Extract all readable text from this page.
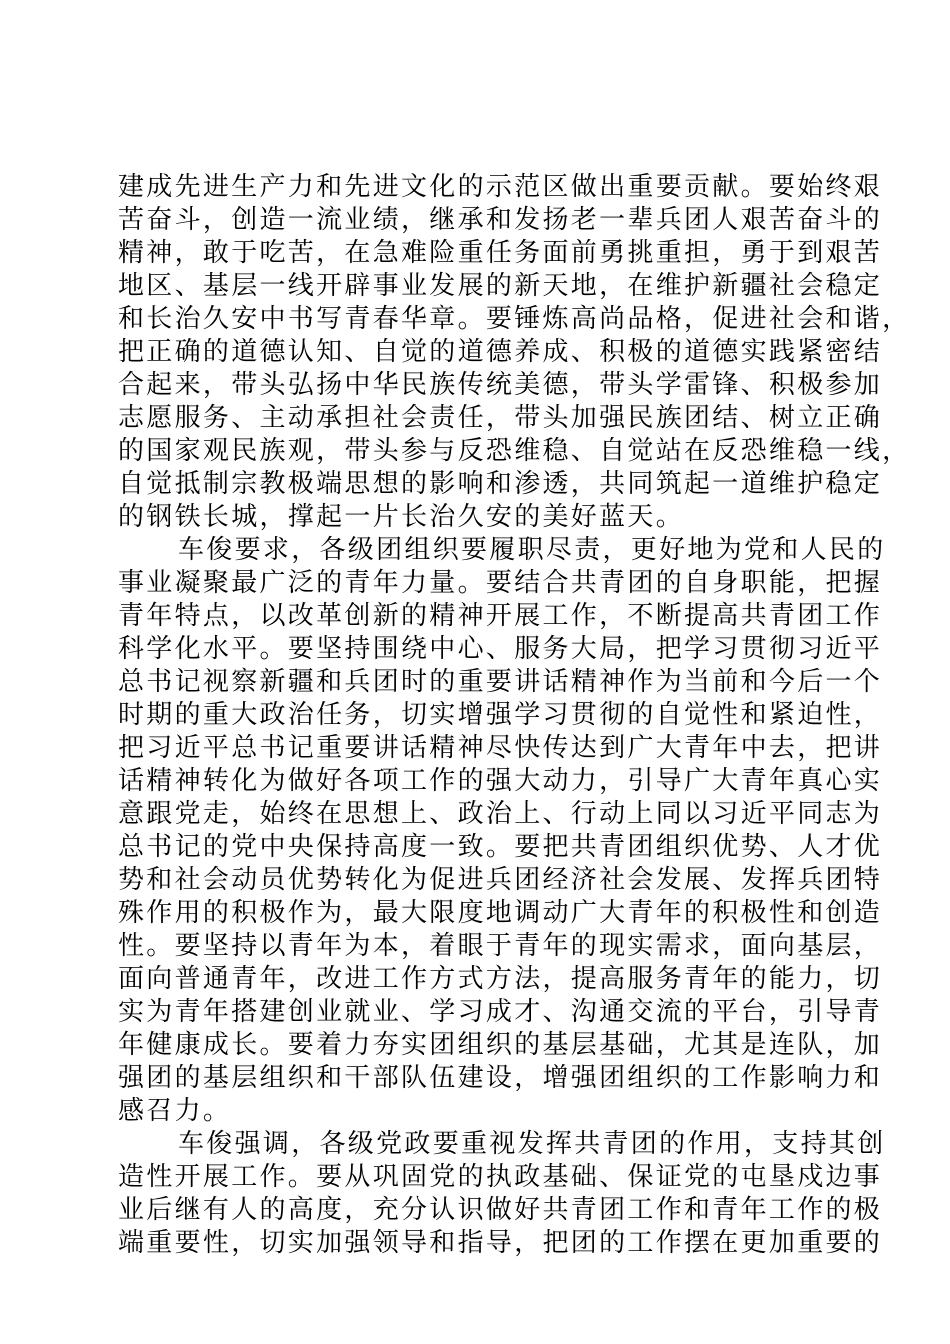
建成先进生产力和先进文化的示范区做出重要贡献。要始终艰
苦奋斗，创造一流业绩，继承和发扬老一辈兵团人艰苦奋斗的
精神，敢于吃苦，在急难险重任务面前勇挑重担，勇于到艰苦
地区、基层一线开辟事业发展的新天地，在维护新疆社会稳定
和长治久安中书写青春华章。要锤炼高尚品格，促进社会和谐，
把正确的道德认知、自觉的道德养成、积极的道德实践紧密结
合起来，带头弘扬中华民族传统美德，带头学雷锋、积极参加
志愿服务、主动承担社会责任，带头加强民族团结、树立正确
的国家观民族观，带头参与反恐维稳、自觉站在反恐维稳一线，
自觉抵制宗教极端思想的影响和渗透，共同筑起一道维护稳定
的钢铁长城，撑起一片长治久安的美好蓝天。
车俊要求，各级团组织要履职尽责，更好地为党和人民的
事业凝聚最广泛的青年力量。要结合共青团的自身职能，把握
青年特点，以改革创新的精神开展工作，不断提高共青团工作
科学化水平。要坚持围绕中心、服务大局，把学习贯彻习近平
总书记视察新疆和兵团时的重要讲话精神作为当前和今后一个
时期的重大政治任务，切实增强学习贯彻的自觉性和紧迫性，
把习近平总书记重要讲话精神尽快传达到广大青年中去，把讲
话精神转化为做好各项工作的强大动力，引导广大青年真心实
意跟党走，始终在思想上、政治上、行动上同以习近平同志为
总书记的党中央保持高度一致。要把共青团组织优势、人才优
势和社会动员优势转化为促进兵团经济社会发展、发挥兵团特
殊作用的积极作为，最大限度地调动广大青年的积极性和创造
性。要坚持以青年为本，着眼于青年的现实需求，面向基层，
面向普通青年，改进工作方式方法，提高服务青年的能力，切
实为青年搭建创业就业、学习成才、沟通交流的平台，引导青
年健康成长。要着力夯实团组织的基层基础，尤其是连队，加
强团的基层组织和干部队伍建设，增强团组织的工作影响力和
感召力。
车俊强调，各级党政要重视发挥共青团的作用，支持其创
造性开展工作。要从巩固党的执政基础、保证党的屯垦戍边事
业后继有人的高度，充分认识做好共青团工作和青年工作的极
端重要性，切实加强领导和指导，把团的工作摆在更加重要的
